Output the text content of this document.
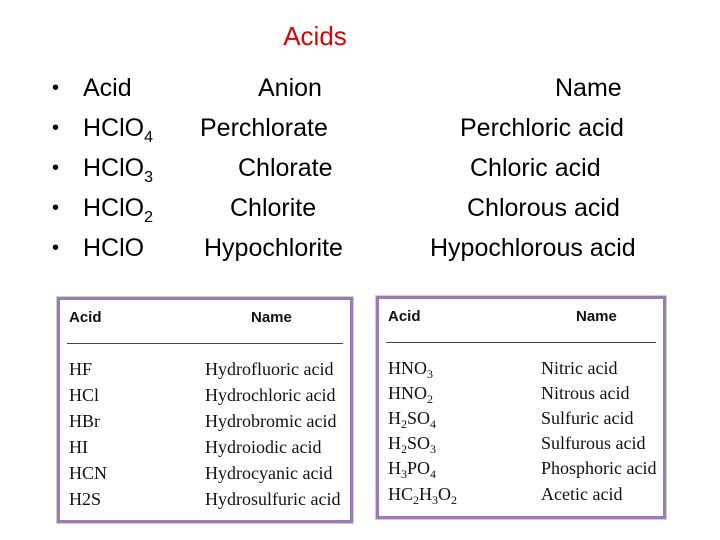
Acids
• Acid	Anion	Name
• HClO$_4$ Perchlorate	Perchloric acid
• HClO$_3$	Chlorate	Chloric acid
• HClO$_2$	Chlorite	Chlorous acid
• HClO Hypochlorite	Hypochlorous acid
Acid	Name
HF	Hydrofluoric acid
HCl	Hydrochloric acid
HBr	Hydrobromic acid
HI	Hydroiodic acid
HCN	Hydrocyanic acid
H2S	Hydrosulfuric acid
Acid	Name
$HNO_3$	Nitric acid
$HNO_2$	Nitrous acid
$H_2SO_4$	Sulfuric acid
$H_2SO_3$	Sulfurous acid
$H_3PO_4$	Phosphoric acid
$HC_2H_3O_2$	Acetic acid
